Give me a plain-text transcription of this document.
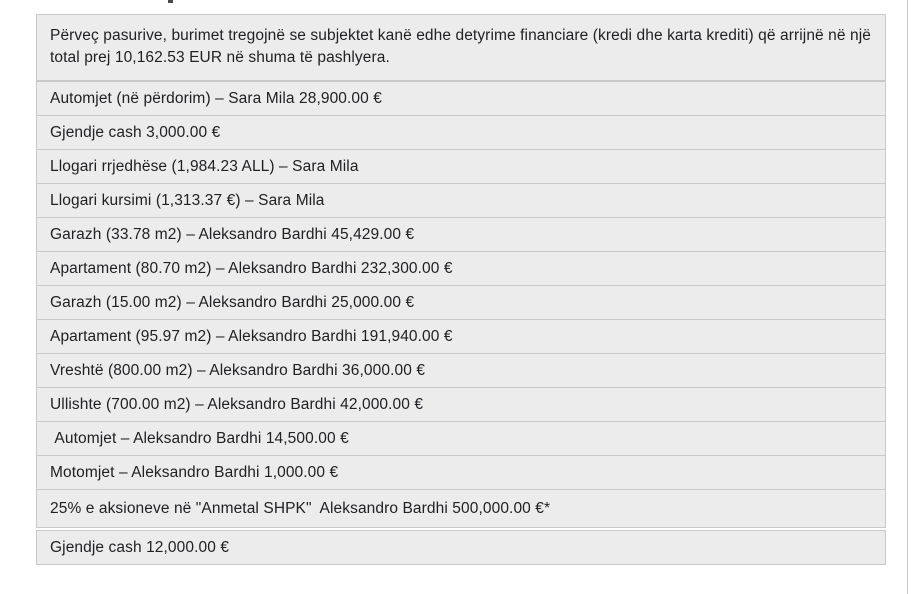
Përveç pasurive, burimet tregojnë se subjektet kanë edhe detyrime financiare (kredi dhe karta krediti) që arrijnë në një total prej 10,162.53 EUR në shuma të pashlyera.
Automjet (në përdorim) – Sara Mila 28,900.00 €
Gjendje cash 3,000.00 €
Llogari rrjedhëse (1,984.23 ALL) – Sara Mila
Llogari kursimi (1,313.37 €) – Sara Mila
Garazh (33.78 m2) – Aleksandro Bardhi 45,429.00 €
Apartament (80.70 m2) – Aleksandro Bardhi 232,300.00 €
Garazh (15.00 m2) – Aleksandro Bardhi 25,000.00 €
Apartament (95.97 m2) – Aleksandro Bardhi 191,940.00 €
Vreshtë (800.00 m2) – Aleksandro Bardhi 36,000.00 €
Ullishte (700.00 m2) – Aleksandro Bardhi 42,000.00 €
Automjet – Aleksandro Bardhi 14,500.00 €
Motomjet – Aleksandro Bardhi 1,000.00 €
25% e aksioneve në "Anmetal SHPK"  Aleksandro Bardhi 500,000.00 €*
Gjendje cash 12,000.00 €
